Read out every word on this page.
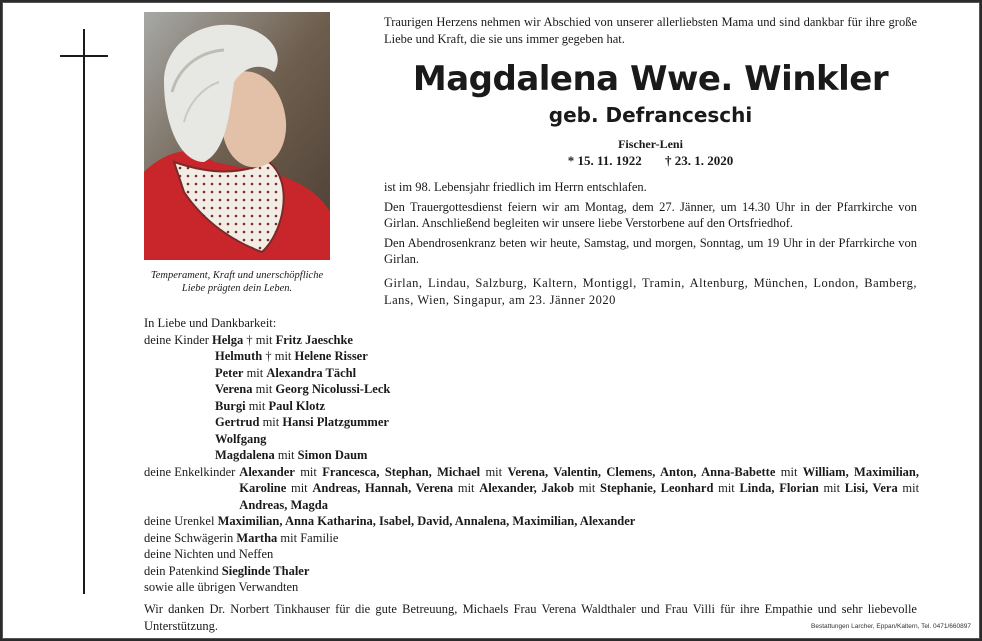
Temperament, Kraft und unerschöpfliche Liebe prägten dein Leben.
Traurigen Herzens nehmen wir Abschied von unserer allerliebsten Mama und sind dankbar für ihre große Liebe und Kraft, die sie uns immer gegeben hat.
Magdalena Wwe. Winkler
geb. Defranceschi
Fischer-Leni
* 15. 11. 1922 † 23. 1. 2020

ist im 98. Lebensjahr friedlich im Herrn entschlafen.

Den Trauergottesdienst feiern wir am Montag, dem 27. Jänner, um 14.30 Uhr in der Pfarrkirche von Girlan. Anschließend begleiten wir unsere liebe Verstorbene auf den Ortsfriedhof.

Den Abendrosenkranz beten wir heute, Samstag, und morgen, Sonntag, um 19 Uhr in der Pfarrkirche von Girlan.

Girlan, Lindau, Salzburg, Kaltern, Montiggl, Tramin, Altenburg, München, London, Bamberg, Lans, Wien, Singapur, am 23. Jänner 2020
In Liebe und Dankbarkeit:
deine Kinder Helga † mit Fritz Jaeschke
Helmuth † mit Helene Risser
Peter mit Alexandra Tächl
Verena mit Georg Nicolussi-Leck
Burgi mit Paul Klotz
Gertrud mit Hansi Platzgummer
Wolfgang
Magdalena mit Simon Daum
deine Enkelkinder Alexander mit Francesca, Stephan, Michael mit Verena, Valentin, Clemens, Anton, Anna-Babette mit William, Maximilian, Karoline mit Andreas, Hannah, Verena mit Alexander, Jakob mit Stephanie, Leonhard mit Linda, Florian mit Lisi, Vera mit Andreas, Magda
deine Urenkel Maximilian, Anna Katharina, Isabel, David, Annalena, Maximilian, Alexander
deine Schwägerin Martha mit Familie
deine Nichten und Neffen
dein Patenkind Sieglinde Thaler
sowie alle übrigen Verwandten
Wir danken Dr. Norbert Tinkhauser für die gute Betreuung, Michaels Frau Verena Waldthaler und Frau Villi für ihre Empathie und sehr liebevolle Unterstützung.	Bestattungen Larcher, Eppan/Kaltern, Tel. 0471/660897
